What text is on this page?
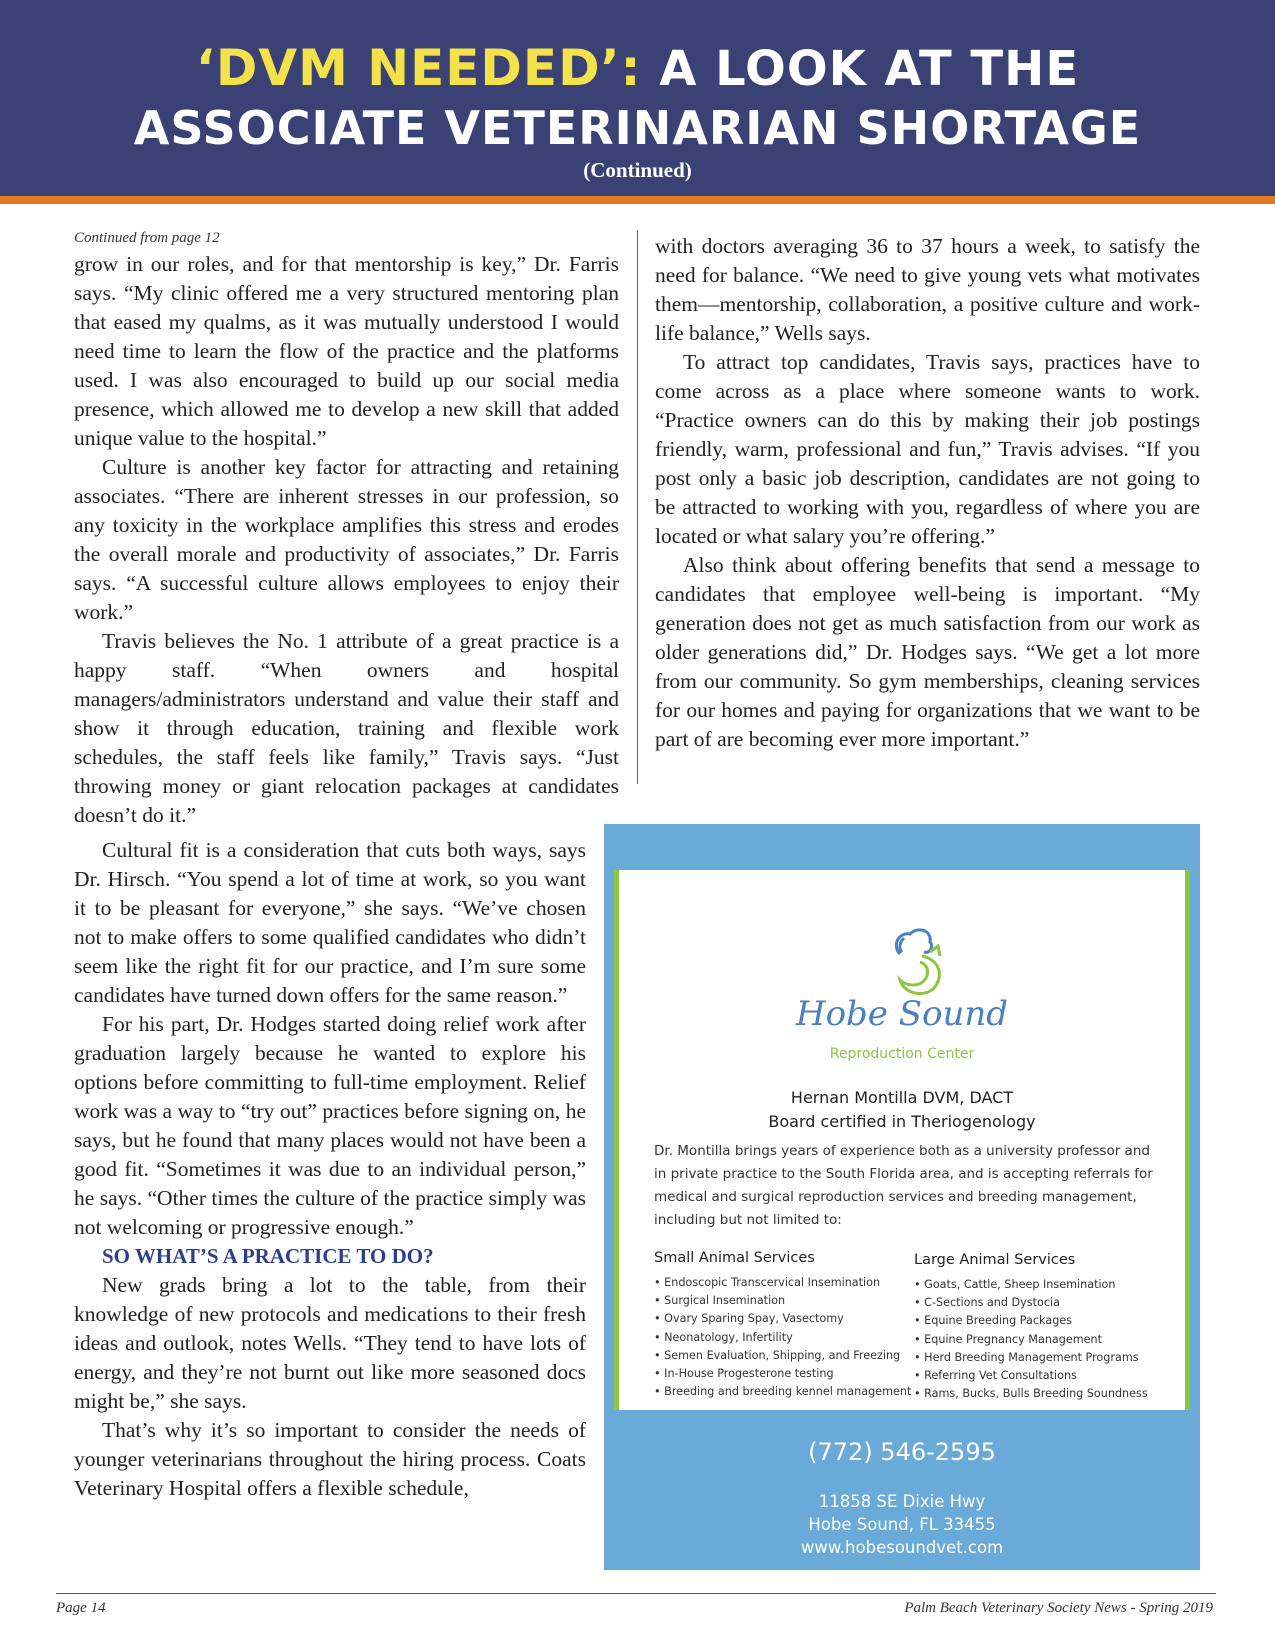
‘DVM NEEDED’: A LOOK AT THE
ASSOCIATE VETERINARIAN SHORTAGE
(Continued)
Continued from page 12

grow in our roles, and for that mentorship is key,” Dr. Farris says. “My clinic offered me a very structured mentoring plan that eased my qualms, as it was mutually understood I would need time to learn the flow of the practice and the platforms used. I was also encouraged to build up our social media presence, which allowed me to develop a new skill that added unique value to the hospital.”

Culture is another key factor for attracting and retaining associates. “There are inherent stresses in our profession, so any toxicity in the workplace amplifies this stress and erodes the overall morale and productivity of associates,” Dr. Farris says. “A successful culture allows employees to enjoy their work.”

Travis believes the No. 1 attribute of a great practice is a happy staff. “When owners and hospital managers/administrators understand and value their staff and show it through education, training and flexible work schedules, the staff feels like family,” Travis says. “Just throwing money or giant relocation packages at candidates doesn’t do it.”

Cultural fit is a consideration that cuts both ways, says Dr. Hirsch. “You spend a lot of time at work, so you want it to be pleasant for everyone,” she says. “We’ve chosen not to make offers to some qualified candidates who didn’t seem like the right fit for our practice, and I’m sure some candidates have turned down offers for the same reason.”

For his part, Dr. Hodges started doing relief work after graduation largely because he wanted to explore his options before committing to full-time employment. Relief work was a way to “try out” practices before signing on, he says, but he found that many places would not have been a good fit. “Sometimes it was due to an individual person,” he says. “Other times the culture of the practice simply was not welcoming or progressive enough.”

SO WHAT’S A PRACTICE TO DO?

New grads bring a lot to the table, from their knowledge of new protocols and medications to their fresh ideas and outlook, notes Wells. “They tend to have lots of energy, and they’re not burnt out like more seasoned docs might be,” she says.

That’s why it’s so important to consider the needs of younger veterinarians throughout the hiring process. Coats Veterinary Hospital offers a flexible schedule,

with doctors averaging 36 to 37 hours a week, to satisfy the need for balance. “We need to give young vets what motivates them—mentorship, collaboration, a positive culture and work-life balance,” Wells says.

To attract top candidates, Travis says, practices have to come across as a place where someone wants to work. “Practice owners can do this by making their job postings friendly, warm, professional and fun,” Travis advises. “If you post only a basic job description, candidates are not going to be attracted to working with you, regardless of where you are located or what salary you’re offering.”

Also think about offering benefits that send a message to candidates that employee well-being is important. “My generation does not get as much satisfaction from our work as older generations did,” Dr. Hodges says. “We get a lot more from our community. So gym memberships, cleaning services for our homes and paying for organizations that we want to be part of are becoming ever more important.”

Hobe Sound
Reproduction Center
Hernan Montilla DVM, DACT
Board certified in Theriogenology
Dr. Montilla brings years of experience both as a university professor and in private practice to the South Florida area, and is accepting referrals for medical and surgical reproduction services and breeding management, including but not limited to:
Small Animal Services
• Endoscopic Transcervical Insemination
• Surgical Insemination
• Ovary Sparing Spay, Vasectomy
• Neonatology, Infertility
• Semen Evaluation, Shipping, and Freezing
• In-House Progesterone testing
• Breeding and breeding kennel management
Large Animal Services
• Goats, Cattle, Sheep Insemination
• C-Sections and Dystocia
• Equine Breeding Packages
• Equine Pregnancy Management
• Herd Breeding Management Programs
• Referring Vet Consultations
• Rams, Bucks, Bulls Breeding Soundness
(772) 546-2595
11858 SE Dixie Hwy
Hobe Sound, FL 33455
www.hobesoundvet.com
Page 14	Palm Beach Veterinary Society News - Spring 2019
